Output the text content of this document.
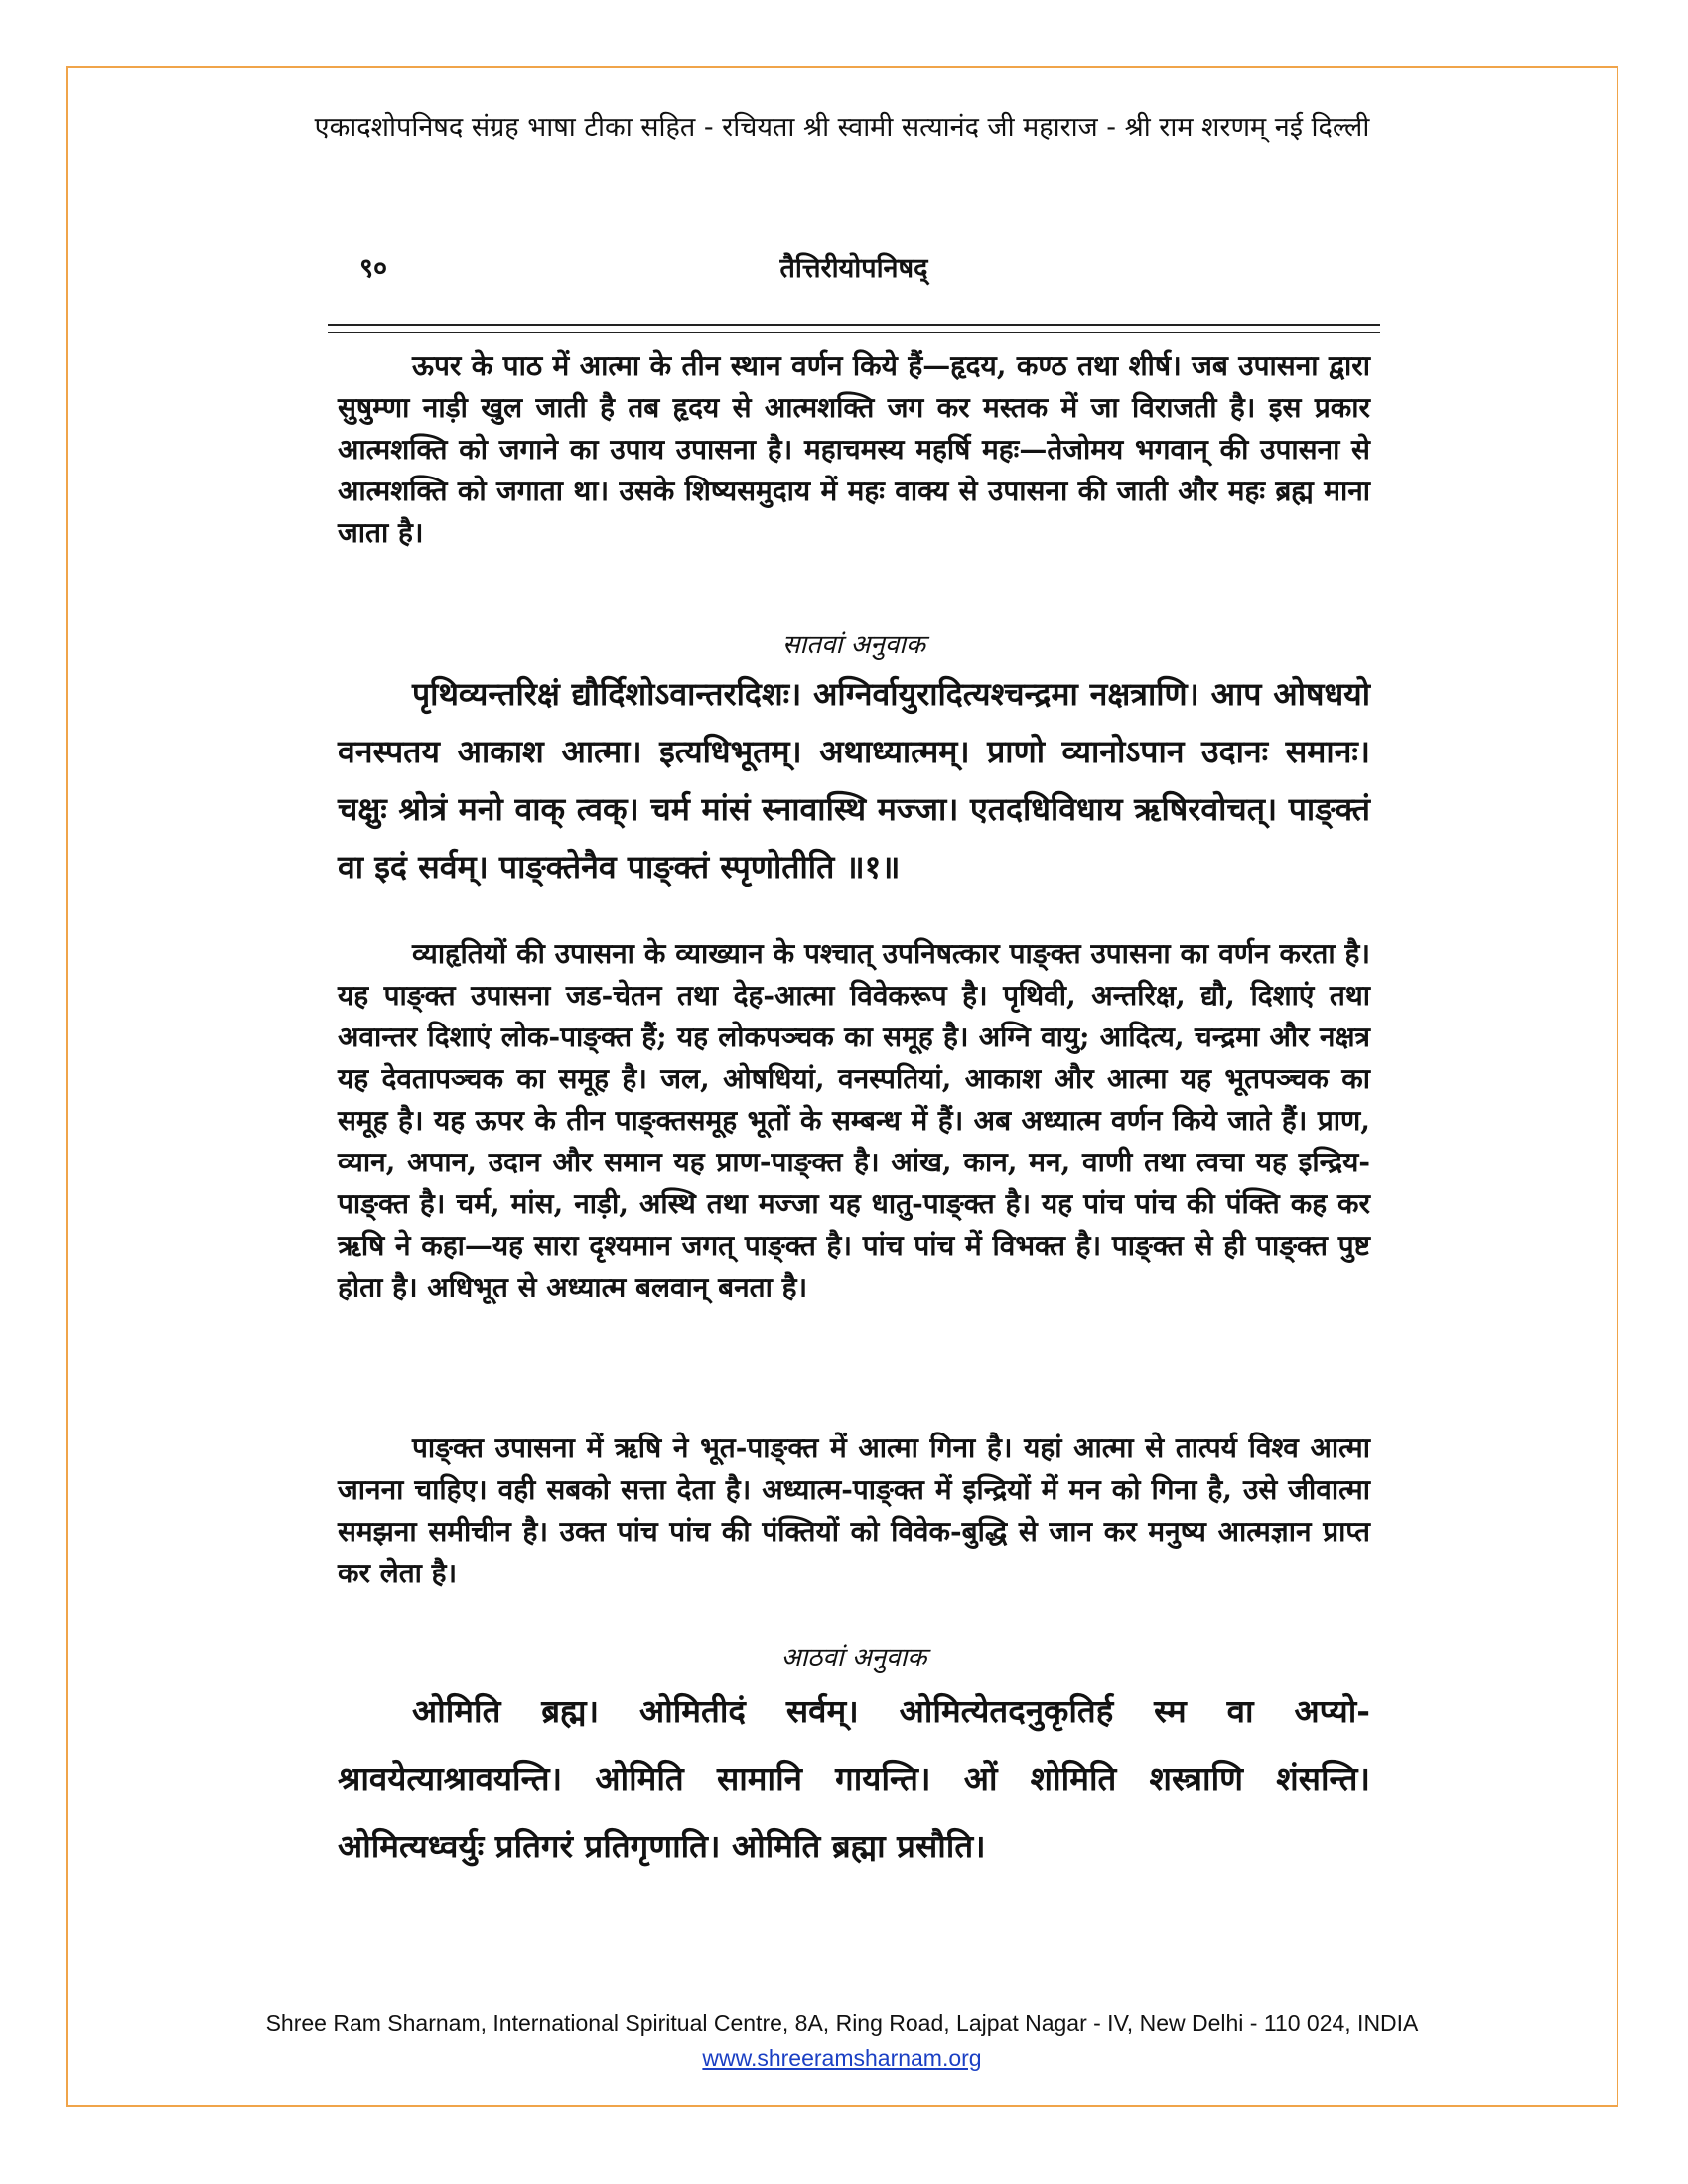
एकादशोपनिषद संग्रह भाषा टीका सहित - रचियता श्री स्वामी सत्यानंद जी महाराज - श्री राम शरणम् नई दिल्ली
९०	तैत्तिरीयोपनिषद्

ऊपर के पाठ में आत्मा के तीन स्थान वर्णन किये हैं—हृदय, कण्ठ तथा शीर्ष। जब उपासना द्वारा सुषुम्णा नाड़ी खुल जाती है तब हृदय से आत्मशक्ति जग कर मस्तक में जा विराजती है। इस प्रकार आत्मशक्ति को जगाने का उपाय उपासना है। महाचमस्य महर्षि महः—तेजोमय भगवान् की उपासना से आत्मशक्ति को जगाता था। उसके शिष्यसमुदाय में महः वाक्य से उपासना की जाती और महः ब्रह्म माना जाता है।

सातवां अनुवाक

पृथिव्यन्तरिक्षं द्यौर्दिशोऽवान्तरदिशः। अग्निर्वायुरादित्यश्चन्द्रमा नक्षत्राणि। आप ओषधयो वनस्पतय आकाश आत्मा। इत्यधिभूतम्। अथाध्यात्मम्। प्राणो व्यानोऽपान उदानः समानः। चक्षुः श्रोत्रं मनो वाक् त्वक्। चर्म मांसं स्नावास्थि मज्जा। एतदधिविधाय ऋषिरवोचत्। पाङ्क्तं वा इदं सर्वम्। पाङ्क्तेनैव पाङ्क्तं स्पृणोतीति ॥१॥

व्याहृतियों की उपासना के व्याख्यान के पश्चात् उपनिषत्कार पाङ्क्त उपासना का वर्णन करता है। यह पाङ्क्त उपासना जड-चेतन तथा देह-आत्मा विवेकरूप है। पृथिवी, अन्तरिक्ष, द्यौ, दिशाएं तथा अवान्तर दिशाएं लोक-पाङ्क्त हैं; यह लोकपञ्चक का समूह है। अग्नि वायु; आदित्य, चन्द्रमा और नक्षत्र यह देवतापञ्चक का समूह है। जल, ओषधियां, वनस्पतियां, आकाश और आत्मा यह भूतपञ्चक का समूह है। यह ऊपर के तीन पाङ्क्तसमूह भूतों के सम्बन्ध में हैं। अब अध्यात्म वर्णन किये जाते हैं। प्राण, व्यान, अपान, उदान और समान यह प्राण-पाङ्क्त है। आंख, कान, मन, वाणी तथा त्वचा यह इन्द्रिय-पाङ्क्त है। चर्म, मांस, नाड़ी, अस्थि तथा मज्जा यह धातु-पाङ्क्त है। यह पांच पांच की पंक्ति कह कर ऋषि ने कहा—यह सारा दृश्यमान जगत् पाङ्क्त है। पांच पांच में विभक्त है। पाङ्क्त से ही पाङ्क्त पुष्ट होता है। अधिभूत से अध्यात्म बलवान् बनता है।

पाङ्क्त उपासना में ऋषि ने भूत-पाङ्क्त में आत्मा गिना है। यहां आत्मा से तात्पर्य विश्व आत्मा जानना चाहिए। वही सबको सत्ता देता है। अध्यात्म-पाङ्क्त में इन्द्रियों में मन को गिना है, उसे जीवात्मा समझना समीचीन है। उक्त पांच पांच की पंक्तियों को विवेक-बुद्धि से जान कर मनुष्य आत्मज्ञान प्राप्त कर लेता है।

आठवां अनुवाक

ओमिति ब्रह्म। ओमितीदं सर्वम्। ओमित्येतदनुकृतिर्ह स्म वा अप्यो-श्रावयेत्याश्रावयन्ति। ओमिति सामानि गायन्ति। ओं शोमिति शस्त्राणि शंसन्ति। ओमित्यध्वर्युः प्रतिगरं प्रतिगृणाति। ओमिति ब्रह्मा प्रसौति।

Shree Ram Sharnam, International Spiritual Centre, 8A, Ring Road, Lajpat Nagar - IV, New Delhi - 110 024, INDIA
www.shreeramsharnam.org
